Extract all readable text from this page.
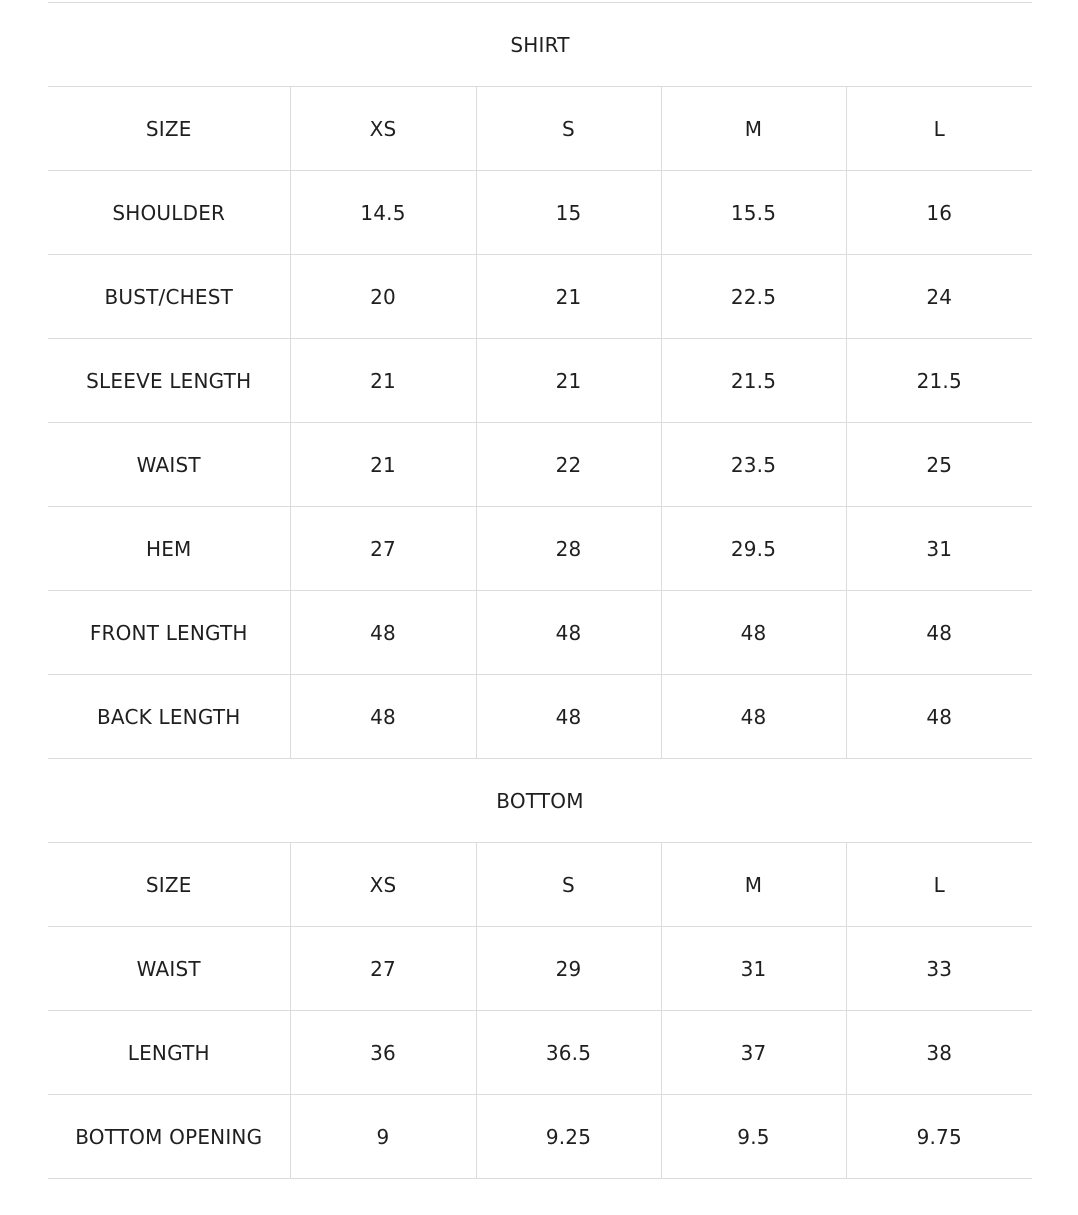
SHIRT				
SIZE	XS	S	M	L
SHOULDER	14.5	15	15.5	16
BUST/CHEST	20	21	22.5	24
SLEEVE LENGTH	21	21	21.5	21.5
WAIST	21	22	23.5	25
HEM	27	28	29.5	31
FRONT LENGTH	48	48	48	48
BACK LENGTH	48	48	48	48
BOTTOM				
SIZE	XS	S	M	L
WAIST	27	29	31	33
LENGTH	36	36.5	37	38
BOTTOM OPENING	9	9.25	9.5	9.75
